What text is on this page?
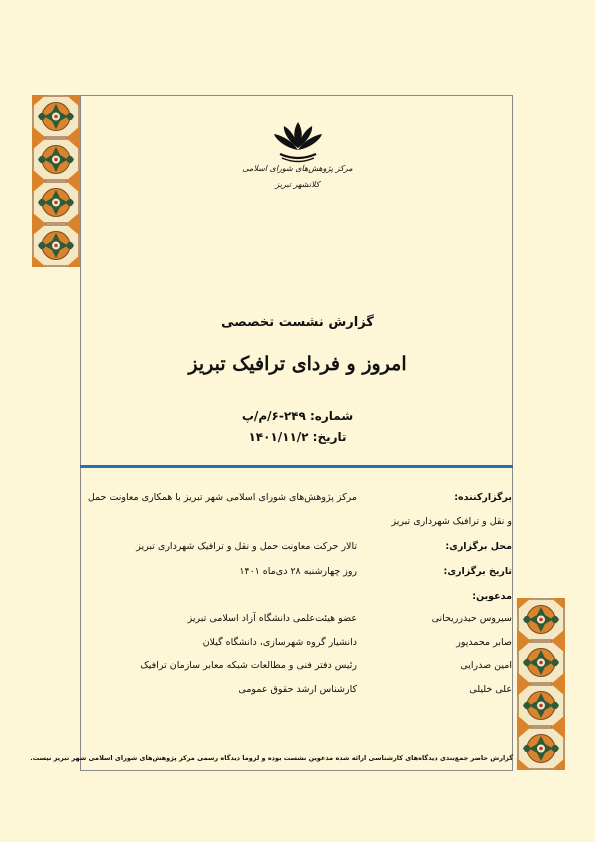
مرکز پژوهش‌های شورای اسلامی
کلانشهر تبریز
گزارش نشست تخصصی
امروز و فردای ترافیک تبریز
شماره: ۲۴۹-۶/م/پ
تاریخ: ۱۴۰۱/۱۱/۲
برگزارکننده:
مرکز پژوهش‌های شورای اسلامی شهر تبریز با همکاری معاونت حمل
و نقل و ترافیک شهرداری تبریز
محل برگزاری:
تالار حرکت معاونت حمل و نقل و ترافیک شهرداری تبریز
تاریخ برگزاری:
روز چهارشنبه ۲۸ دی‌ماه ۱۴۰۱
مدعوین:
سیروس حیدرریحانی
عضو هیئت‌علمی دانشگاه آزاد اسلامی تبریز
صابر محمدپور
دانشیار گروه شهرسازی، دانشگاه گیلان
امین صدرایی
رئیس دفتر فنی و مطالعات شبکه معابر سازمان ترافیک
علی خلیلی
کارشناس ارشد حقوق عمومی
گزارش حاضر جمع‌بندی دیدگاه‌های کارشناسی ارائه شده مدعوین نشست بوده و لزوما دیدگاه رسمی مرکز پژوهش‌های شورای اسلامی شهر تبریز نیست.
